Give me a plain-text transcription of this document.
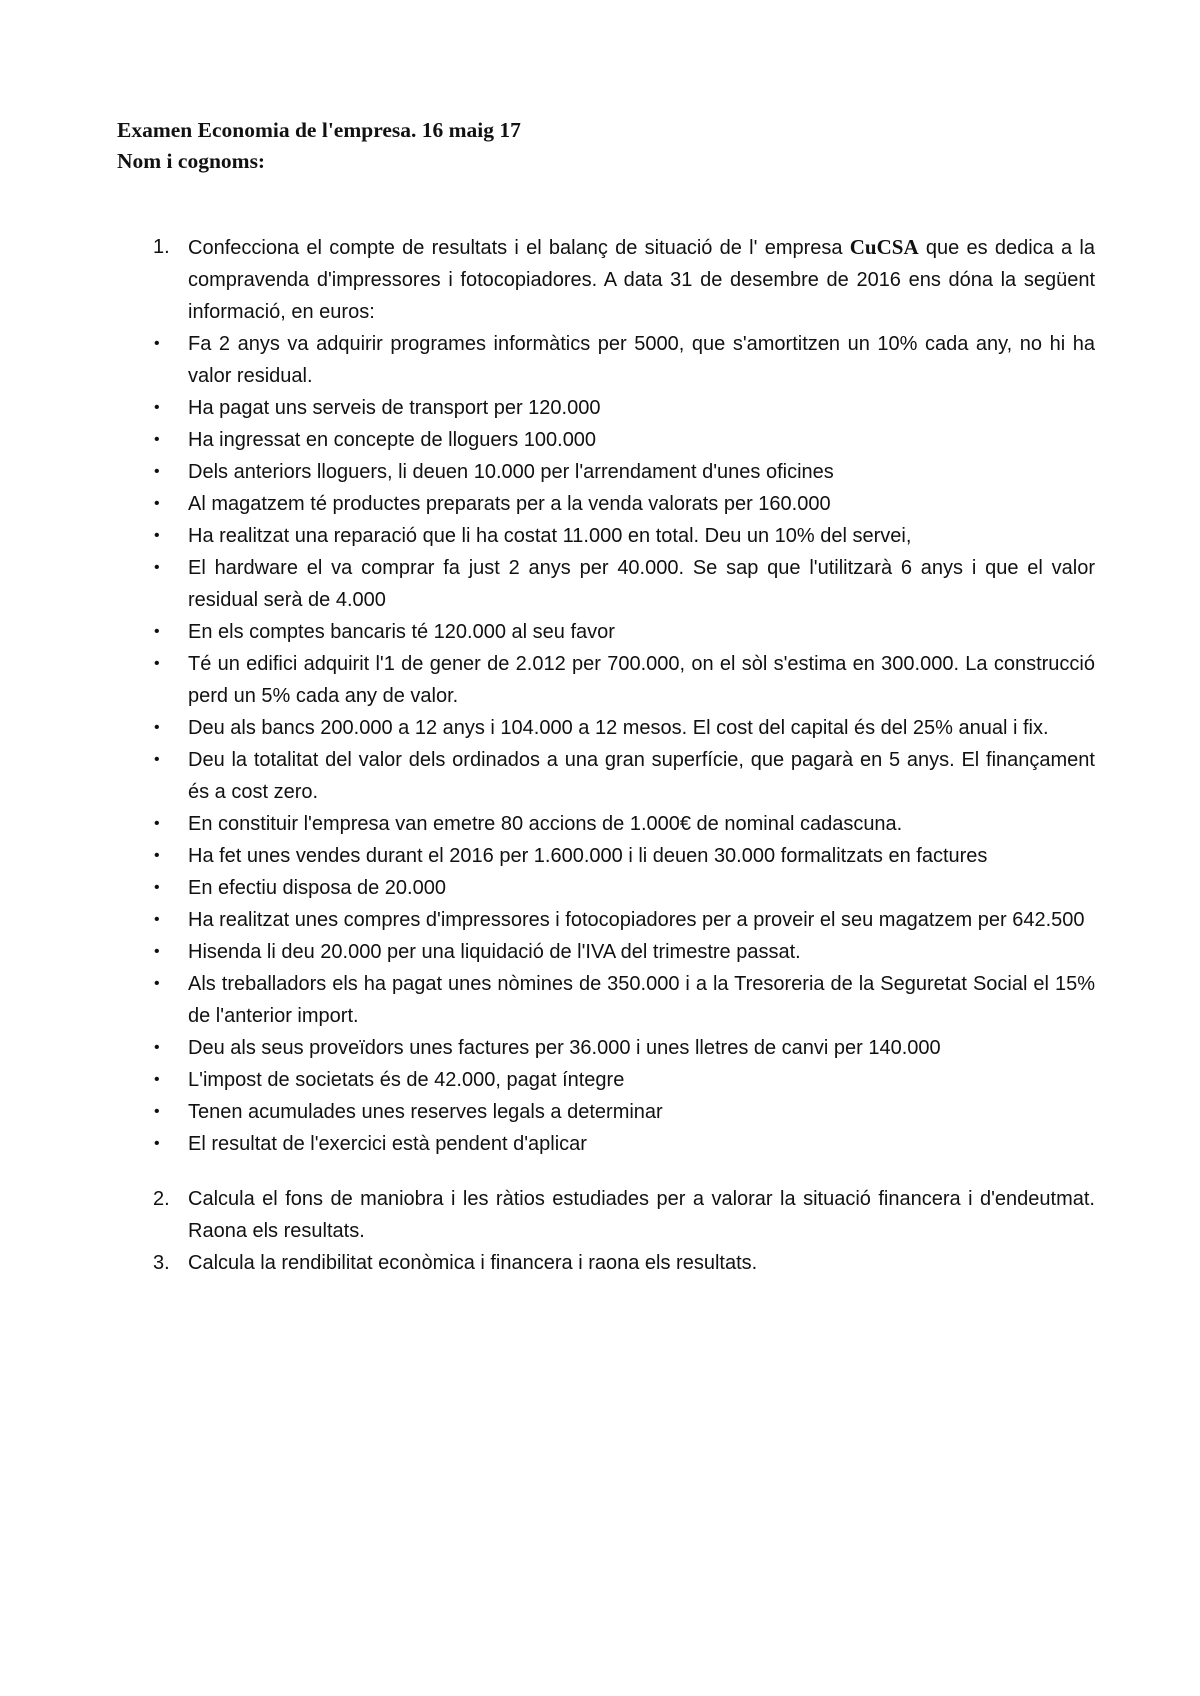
Examen Economia de l'empresa. 16 maig 17
Nom i cognoms:
1. Confecciona el compte de resultats i el balanç de situació de l' empresa CuCSA que es dedica a la compravenda d'impressores i fotocopiadores. A data 31 de desembre de 2016 ens dóna la següent informació, en euros:
• Fa 2 anys va adquirir programes informàtics per 5000, que s'amortitzen un 10% cada any, no hi ha valor residual.
• Ha pagat uns serveis de transport per 120.000
• Ha ingressat en concepte de lloguers 100.000
• Dels anteriors lloguers, li deuen 10.000 per l'arrendament d'unes oficines
• Al magatzem té productes preparats per a la venda valorats per 160.000
• Ha realitzat una reparació que li ha costat 11.000 en total. Deu un 10% del servei,
• El hardware el va comprar fa just 2 anys per 40.000. Se sap que l'utilitzarà 6 anys i que el valor residual serà de 4.000
• En els comptes bancaris té 120.000 al seu favor
• Té un edifici adquirit l'1 de gener de 2.012 per 700.000, on el sòl s'estima en 300.000. La construcció perd un 5% cada any de valor.
• Deu als bancs 200.000 a 12 anys i 104.000 a 12 mesos. El cost del capital és del 25% anual i fix.
• Deu la totalitat del valor dels ordinados a una gran superfície, que pagarà en 5 anys. El finançament és a cost zero.
• En constituir l'empresa van emetre 80 accions de 1.000€ de nominal cadascuna.
• Ha fet unes vendes durant el 2016 per 1.600.000 i li deuen 30.000 formalitzats en factures
• En efectiu disposa de 20.000
• Ha realitzat unes compres d'impressores i fotocopiadores per a proveir el seu magatzem per 642.500
• Hisenda li deu 20.000 per una liquidació de l'IVA del trimestre passat.
• Als treballadors els ha pagat unes nòmines de 350.000 i a la Tresoreria de la Seguretat Social el 15% de l'anterior import.
• Deu als seus proveïdors unes factures per 36.000 i unes lletres de canvi per 140.000
• L'impost de societats és de 42.000, pagat íntegre
• Tenen acumulades unes reserves legals a determinar
• El resultat de l'exercici està pendent d'aplicar
2. Calcula el fons de maniobra i les ràtios estudiades per a valorar la situació financera i d'endeutmat. Raona els resultats.
3. Calcula la rendibilitat econòmica i financera i raona els resultats.
